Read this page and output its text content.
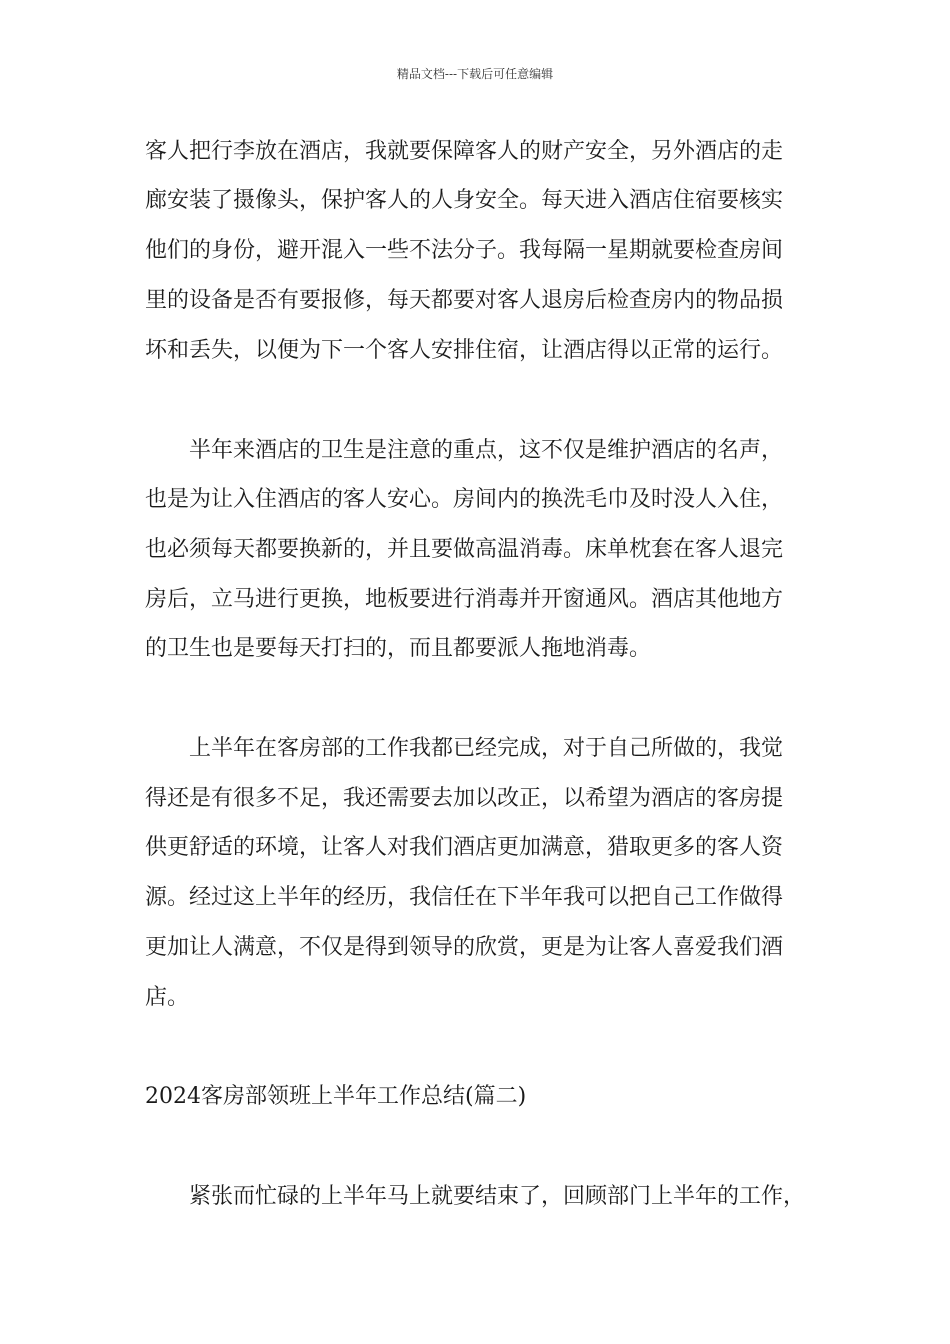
精品文档---下载后可任意编辑
客人把行李放在酒店，我就要保障客人的财产安全，另外酒店的走
廊安装了摄像头，保护客人的人身安全。每天进入酒店住宿要核实
他们的身份，避开混入一些不法分子。我每隔一星期就要检查房间
里的设备是否有要报修，每天都要对客人退房后检查房内的物品损
坏和丢失，以便为下一个客人安排住宿，让酒店得以正常的运行。
半年来酒店的卫生是注意的重点，这不仅是维护酒店的名声，
也是为让入住酒店的客人安心。房间内的换洗毛巾及时没人入住，
也必须每天都要换新的，并且要做高温消毒。床单枕套在客人退完
房后，立马进行更换，地板要进行消毒并开窗通风。酒店其他地方
的卫生也是要每天打扫的，而且都要派人拖地消毒。
上半年在客房部的工作我都已经完成，对于自己所做的，我觉
得还是有很多不足，我还需要去加以改正，以希望为酒店的客房提
供更舒适的环境，让客人对我们酒店更加满意，猎取更多的客人资
源。经过这上半年的经历，我信任在下半年我可以把自己工作做得
更加让人满意，不仅是得到领导的欣赏，更是为让客人喜爱我们酒
店。
2024客房部领班上半年工作总结(篇二)
紧张而忙碌的上半年马上就要结束了，回顾部门上半年的工作，
